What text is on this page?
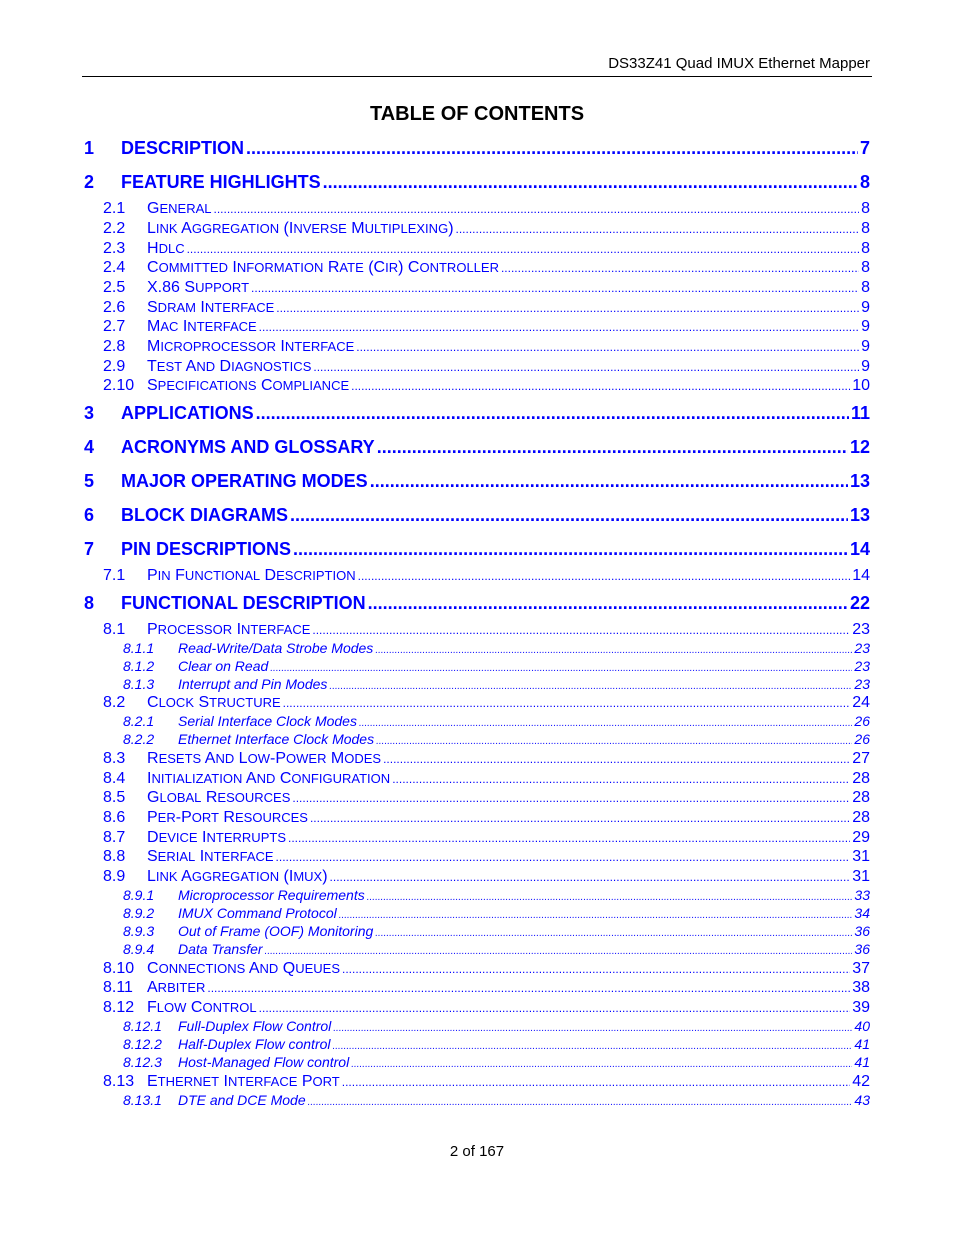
DS33Z41 Quad IMUX Ethernet Mapper
TABLE OF CONTENTS
1	DESCRIPTION .....	7
2	FEATURE HIGHLIGHTS .....	8
2.1	GENERAL .....	8
2.2	LINK AGGREGATION (INVERSE MULTIPLEXING) .....	8
2.3	HDLC .....	8
2.4	COMMITTED INFORMATION RATE (CIR) CONTROLLER .....	8
2.5	X.86 SUPPORT .....	8
2.6	SDRAM INTERFACE .....	9
2.7	MAC INTERFACE .....	9
2.8	MICROPROCESSOR INTERFACE .....	9
2.9	TEST AND DIAGNOSTICS .....	9
2.10 SPECIFICATIONS COMPLIANCE .....	10
3	APPLICATIONS .....	11
4	ACRONYMS AND GLOSSARY .....	12
5	MAJOR OPERATING MODES .....	13
6	BLOCK DIAGRAMS .....	13
7	PIN DESCRIPTIONS .....	14
7.1	PIN FUNCTIONAL DESCRIPTION .....	14
8	FUNCTIONAL DESCRIPTION .....	22
8.1	PROCESSOR INTERFACE .....	23
8.1.1	Read-Write/Data Strobe Modes .....	23
8.1.2	Clear on Read .....	23
8.1.3	Interrupt and Pin Modes .....	23
8.2	CLOCK STRUCTURE .....	24
8.2.1	Serial Interface Clock Modes .....	26
8.2.2	Ethernet Interface Clock Modes .....	26
8.3	RESETS AND LOW-POWER MODES .....	27
8.4	INITIALIZATION AND CONFIGURATION .....	28
8.5	GLOBAL RESOURCES .....	28
8.6	PER-PORT RESOURCES .....	28
8.7	DEVICE INTERRUPTS .....	29
8.8	SERIAL INTERFACE .....	31
8.9	LINK AGGREGATION (IMUX) .....	31
8.9.1	Microprocessor Requirements .....	33
8.9.2	IMUX Command Protocol .....	34
8.9.3	Out of Frame (OOF) Monitoring .....	36
8.9.4	Data Transfer .....	36
8.10 CONNECTIONS AND QUEUES .....	37
8.11 ARBITER .....	38
8.12 FLOW CONTROL .....	39
8.12.1	Full-Duplex Flow Control .....	40
8.12.2	Half-Duplex Flow control .....	41
8.12.3	Host-Managed Flow control .....	41
8.13 ETHERNET INTERFACE PORT .....	42
8.13.1	DTE and DCE Mode .....	43
2 of 167
